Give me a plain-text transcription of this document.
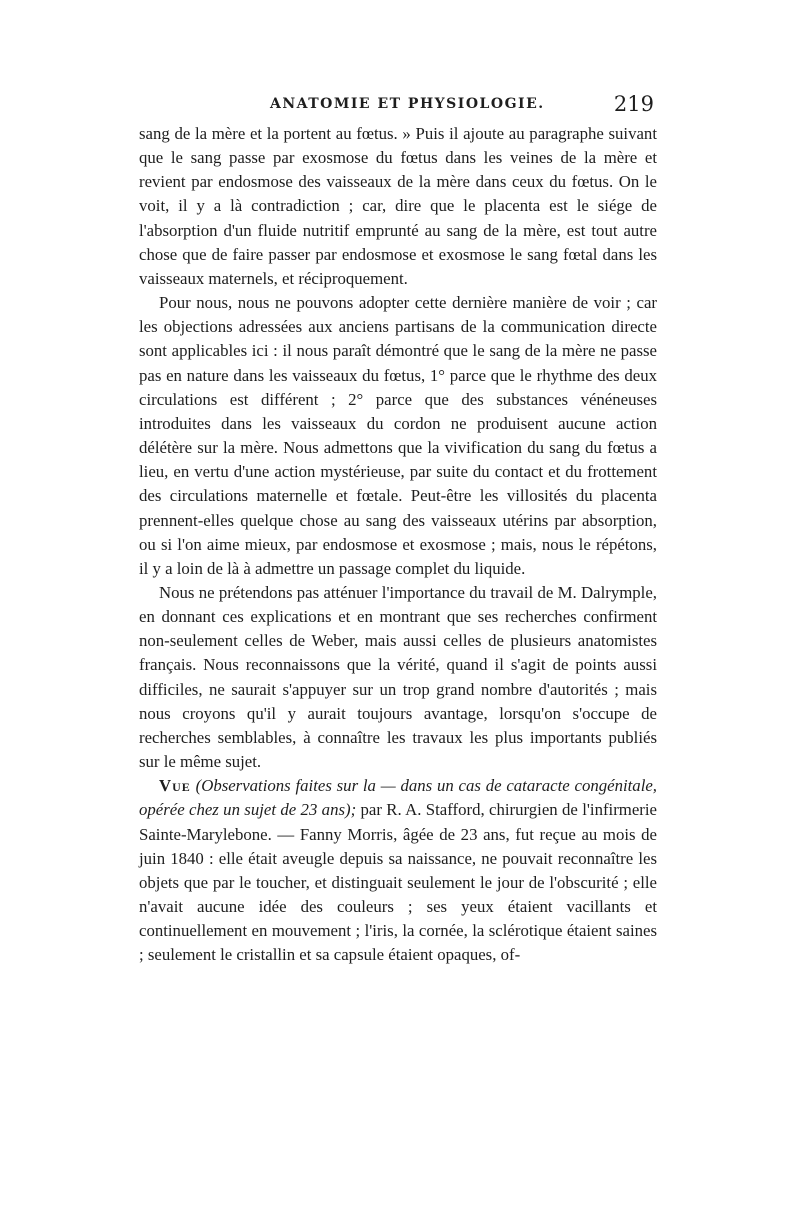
ANATOMIE ET PHYSIOLOGIE.	219

sang de la mère et la portent au fœtus. » Puis il ajoute au paragraphe suivant que le sang passe par exosmose du fœtus dans les veines de la mère et revient par endosmose des vaisseaux de la mère dans ceux du fœtus. On le voit, il y a là contradiction ; car, dire que le placenta est le siége de l'absorption d'un fluide nutritif emprunté au sang de la mère, est tout autre chose que de faire passer par endosmose et exosmose le sang fœtal dans les vaisseaux maternels, et réciproquement.

Pour nous, nous ne pouvons adopter cette dernière manière de voir ; car les objections adressées aux anciens partisans de la communication directe sont applicables ici : il nous paraît démontré que le sang de la mère ne passe pas en nature dans les vaisseaux du fœtus, 1° parce que le rhythme des deux circulations est différent ; 2° parce que des substances vénéneuses introduites dans les vaisseaux du cordon ne produisent aucune action délétère sur la mère. Nous admettons que la vivification du sang du fœtus a lieu, en vertu d'une action mystérieuse, par suite du contact et du frottement des circulations maternelle et fœtale. Peut-être les villosités du placenta prennent-elles quelque chose au sang des vaisseaux utérins par absorption, ou si l'on aime mieux, par endosmose et exosmose ; mais, nous le répétons, il y a loin de là à admettre un passage complet du liquide.

Nous ne prétendons pas atténuer l'importance du travail de M. Dalrymple, en donnant ces explications et en montrant que ses recherches confirment non-seulement celles de Weber, mais aussi celles de plusieurs anatomistes français. Nous reconnaissons que la vérité, quand il s'agit de points aussi difficiles, ne saurait s'appuyer sur un trop grand nombre d'autorités ; mais nous croyons qu'il y aurait toujours avantage, lorsqu'on s'occupe de recherches semblables, à connaître les travaux les plus importants publiés sur le même sujet.

Vue (Observations faites sur la — dans un cas de cataracte congénitale, opérée chez un sujet de 23 ans); par R. A. Stafford, chirurgien de l'infirmerie Sainte-Marylebone. — Fanny Morris, âgée de 23 ans, fut reçue au mois de juin 1840 : elle était aveugle depuis sa naissance, ne pouvait reconnaître les objets que par le toucher, et distinguait seulement le jour de l'obscurité ; elle n'avait aucune idée des couleurs ; ses yeux étaient vacillants et continuellement en mouvement ; l'iris, la cornée, la sclérotique étaient saines ; seulement le cristallin et sa capsule étaient opaques, of-
